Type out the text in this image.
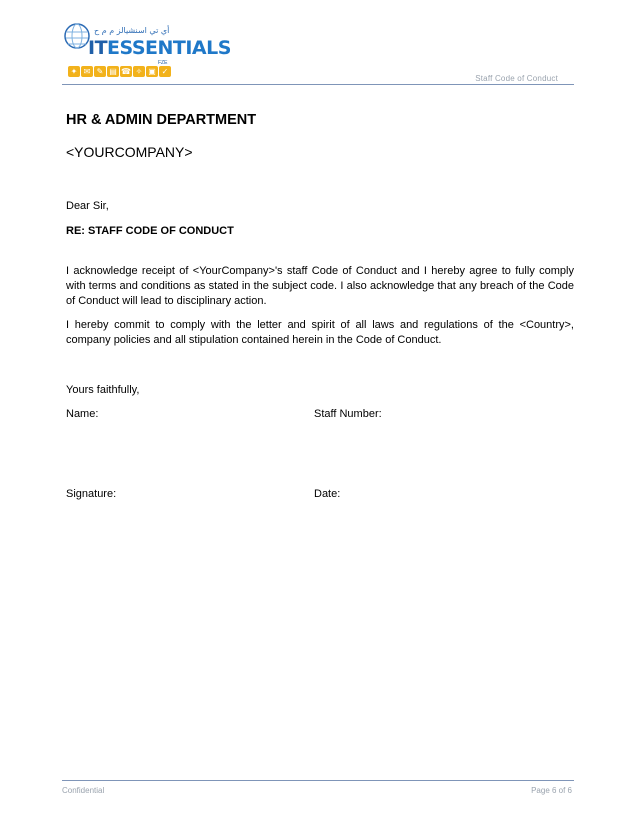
أي تي اسنشيالز م م ح
ITESSENTIALS
FZE
✦ ✉ ✎ ▤ ☎ ✧ ▣ ✓
Staff Code of Conduct
HR & ADMIN DEPARTMENT
<YOURCOMPANY>
Dear Sir,
RE: STAFF CODE OF CONDUCT
I acknowledge receipt of <YourCompany>'s staff Code of Conduct and I hereby agree to fully comply with terms and conditions as stated in the subject code. I also acknowledge that any breach of the Code of Conduct will lead to disciplinary action.
I hereby commit to comply with the letter and spirit of all laws and regulations of the <Country>, company policies and all stipulation contained herein in the Code of Conduct.
Yours faithfully,
Name:	Staff Number:
Signature:	Date:
Confidential	Page 6 of 6
